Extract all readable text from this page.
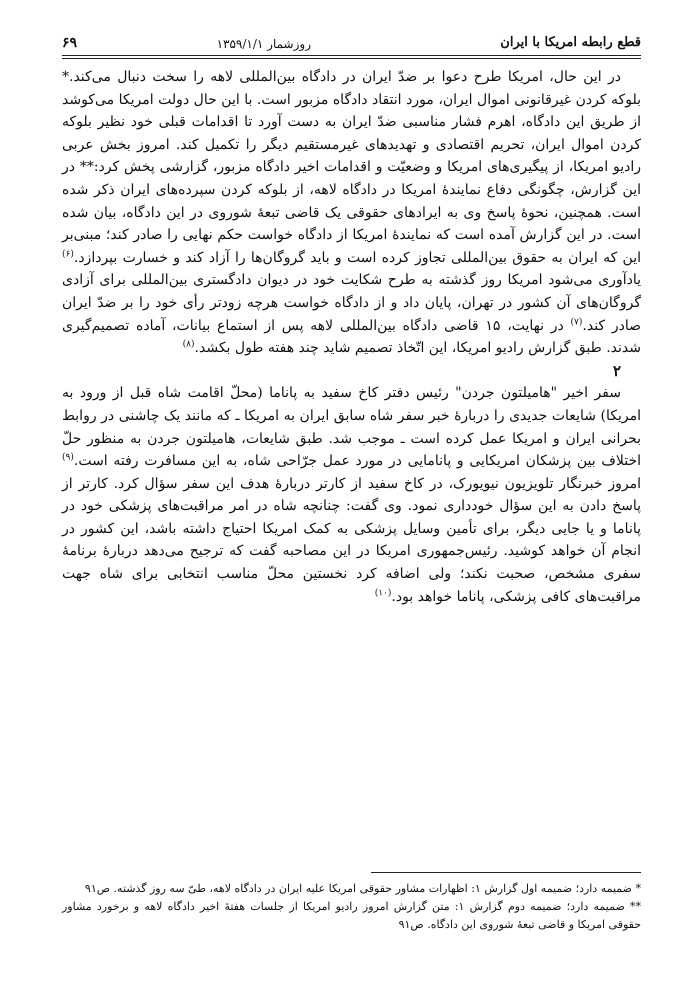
قطع رابطه امریکا با ایران
روزشمار ۱۳۵۹/۱/۱
۶۹

در این حال، امریکا طرح دعوا بر ضدّ ایران در دادگاه بین‌المللی لاهه را سخت دنبال می‌کند.* بلوکه کردن غیرقانونی اموال ایران، مورد انتقاد دادگاه مزبور است. با این حال دولت امریکا می‌کوشد از طریق این دادگاه، اهرم فشار مناسبی ضدّ ایران به دست آورد تا اقدامات قبلی خود نظیر بلوکه کردن اموال ایران، تحریم اقتصادی و تهدیدهای غیرمستقیم دیگر را تکمیل کند. امروز بخش عربی رادیو امریکا، از پیگیری‌های امریکا و وضعیّت و اقدامات اخیر دادگاه مزبور، گزارشی پخش کرد:** در این گزارش، چگونگی دفاع نمایندهٔ امریکا در دادگاه لاهه، از بلوکه کردن سپرده‌های ایران ذکر شده است. همچنین، نحوهٔ پاسخ وی به ایرادهای حقوقی یک قاضی تبعهٔ شوروی در این دادگاه، بیان شده است. در این گزارش آمده است که نمایندهٔ امریکا از دادگاه خواست حکم نهایی را صادر کند؛ مبنی‌بر این که ایران به حقوق بین‌المللی تجاوز کرده است و باید گروگان‌ها را آزاد کند و خسارت بپردازد.$^{(۶)}$ یادآوری می‌شود امریکا روز گذشته به طرح شکایت خود در دیوان دادگستری بین‌المللی برای آزادی گروگان‌های آن کشور در تهران، پایان داد و از دادگاه خواست هرچه زودتر رأی خود را بر ضدّ ایران صادر کند.$^{(۷)}$ در نهایت، ۱۵ قاضی دادگاه بین‌المللی لاهه پس از استماع بیانات، آماده تصمیم‌گیری شدند. طبق گزارش رادیو امریکا، این اتّخاذ تصمیم شاید چند هفته طول بکشد.$^{(۸)}$

۲

سفر اخیر "هامیلتون جردن" رئیس دفتر کاخ سفید به پاناما (محلّ اقامت شاه قبل از ورود به امریکا) شایعات جدیدی را دربارهٔ خبر سفر شاه سابق ایران به امریکا ـ که مانند یک چاشنی در روابط بحرانی ایران و امریکا عمل کرده است ـ موجب شد. طبق شایعات، هامیلتون جردن به منظور حلّ اختلاف بین پزشکان امریکایی و پانامایی در مورد عمل جرّاحی شاه، به این مسافرت رفته است.$^{(۹)}$ امروز خبرنگار تلویزیون نیویورک، در کاخ سفید از کارتر دربارهٔ هدف این سفر سؤال کرد. کارتر از پاسخ دادن به این سؤال خودداری نمود. وی گفت: چنانچه شاه در امر مراقبت‌های پزشکی خود در پاناما و یا جایی دیگر، برای تأمین وسایل پزشکی به کمک امریکا احتیاج داشته باشد، این کشور در انجام آن خواهد کوشید. رئیس‌جمهوری امریکا در این مصاحبه گفت که ترجیح می‌دهد دربارهٔ برنامهٔ سفری مشخص، صحبت نکند؛ ولی اضافه کرد نخستین محلّ مناسب انتخابی برای شاه جهت مراقبت‌های کافی پزشکی، پاناما خواهد بود.$^{(۱۰)}$

* ضمیمه دارد؛ ضمیمه اول گزارش ۱: اظهارات مشاور حقوقی امریکا علیه ایران در دادگاه لاهه، طیّ سه روز گذشته. ص۹۱

** ضمیمه دارد؛ ضمیمه دوم گزارش ۱: متن گزارش امروز رادیو امریکا از جلسات هفتهٔ اخیر دادگاه لاهه و برخورد مشاور حقوقی امریکا و قاضی تبعهٔ شوروی این دادگاه. ص۹۱
